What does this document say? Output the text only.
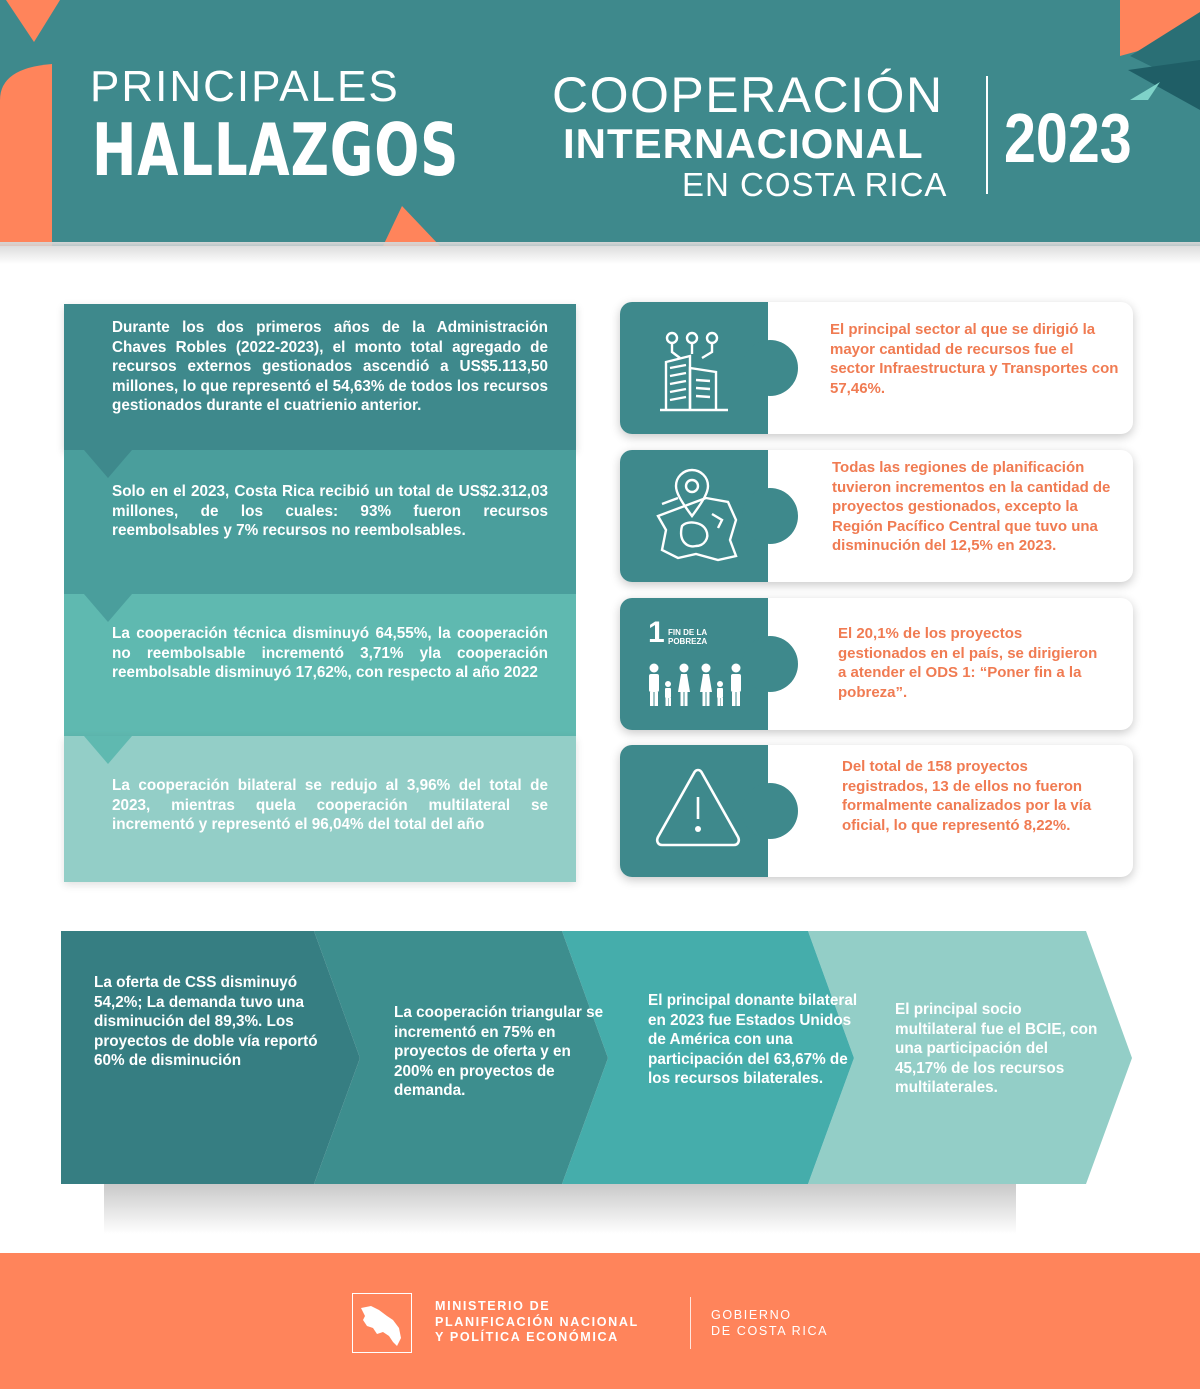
PRINCIPALES
HALLAZGOS
COOPERACIÓN
INTERNACIONAL
EN COSTA RICA
2023

Durante los dos primeros años de la Administración Chaves Robles (2022-2023), el monto total agregado de recursos externos gestionados ascendió a US$5.113,50 millones, lo que representó el 54,63% de todos los recursos gestionados durante el cuatrienio anterior.

Solo en el 2023, Costa Rica recibió un total de US$2.312,03 millones, de los cuales: 93% fueron recursos reembolsables y 7% recursos no reembolsables.

La cooperación técnica disminuyó 64,55%, la cooperación no reembolsable incrementó 3,71% yla cooperación reembolsable disminuyó 17,62%, con respecto al año 2022

La cooperación bilateral se redujo al 3,96% del total de 2023, mientras quela cooperación multilateral se incrementó y representó el 96,04% del total del año

El principal sector al que se dirigió la mayor cantidad de recursos fue el sector Infraestructura y Transportes con 57,46%.

Todas las regiones de planificación tuvieron incrementos en la cantidad de proyectos gestionados, excepto la Región Pacífico Central que tuvo una disminución del 12,5% en 2023.

1 FIN DE LA POBREZA	El 20,1% de los proyectos gestionados en el país, se dirigieron a atender el ODS 1: “Poner fin a la pobreza”.

Del total de 158 proyectos registrados, 13 de ellos no fueron formalmente canalizados por la vía oficial, lo que representó 8,22%.

La oferta de CSS disminuyó 54,2%; La demanda tuvo una disminución del 89,3%. Los proyectos de doble vía reportó 60% de disminución
La cooperación triangular se incrementó en 75% en proyectos de oferta y en 200% en proyectos de demanda.
El principal donante bilateral en 2023 fue Estados Unidos de América con una participación del 63,67% de los recursos bilaterales.
El principal socio multilateral fue el BCIE, con una participación del 45,17% de los recursos multilaterales.
MINISTERIO DE
PLANIFICACIÓN NACIONAL
Y POLÍTICA ECONÓMICA
GOBIERNO
DE COSTA RICA
